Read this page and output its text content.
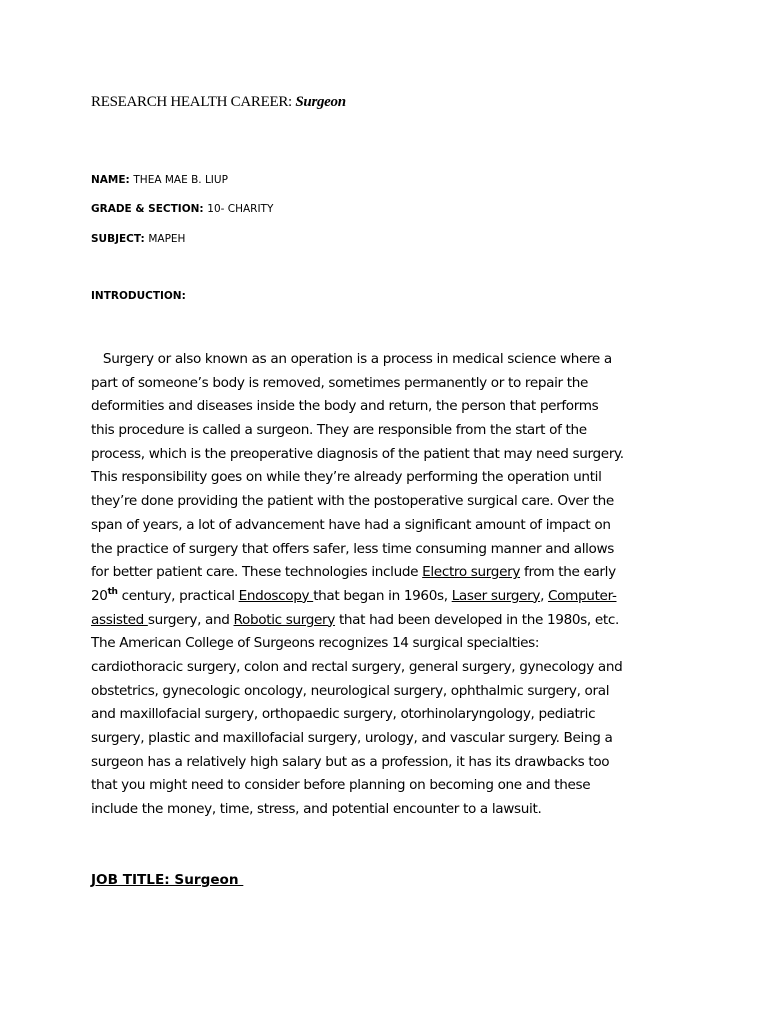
RESEARCH HEALTH CAREER: Surgeon
NAME: THEA MAE B. LIUP
GRADE & SECTION: 10- CHARITY
SUBJECT: MAPEH
INTRODUCTION:
Surgery or also known as an operation is a process in medical science where a
part of someone’s body is removed, sometimes permanently or to repair the
deformities and diseases inside the body and return, the person that performs
this procedure is called a surgeon. They are responsible from the start of the
process, which is the preoperative diagnosis of the patient that may need surgery.
This responsibility goes on while they’re already performing the operation until
they’re done providing the patient with the postoperative surgical care. Over the
span of years, a lot of advancement have had a significant amount of impact on
the practice of surgery that offers safer, less time consuming manner and allows
for better patient care. These technologies include Electro surgery from the early
20th century, practical Endoscopy that began in 1960s, Laser surgery, Computer-
assisted surgery, and Robotic surgery that had been developed in the 1980s, etc.
The American College of Surgeons recognizes 14 surgical specialties:
cardiothoracic surgery, colon and rectal surgery, general surgery, gynecology and
obstetrics, gynecologic oncology, neurological surgery, ophthalmic surgery, oral
and maxillofacial surgery, orthopaedic surgery, otorhinolaryngology, pediatric
surgery, plastic and maxillofacial surgery, urology, and vascular surgery. Being a
surgeon has a relatively high salary but as a profession, it has its drawbacks too
that you might need to consider before planning on becoming one and these
include the money, time, stress, and potential encounter to a lawsuit.
JOB TITLE: Surgeon
